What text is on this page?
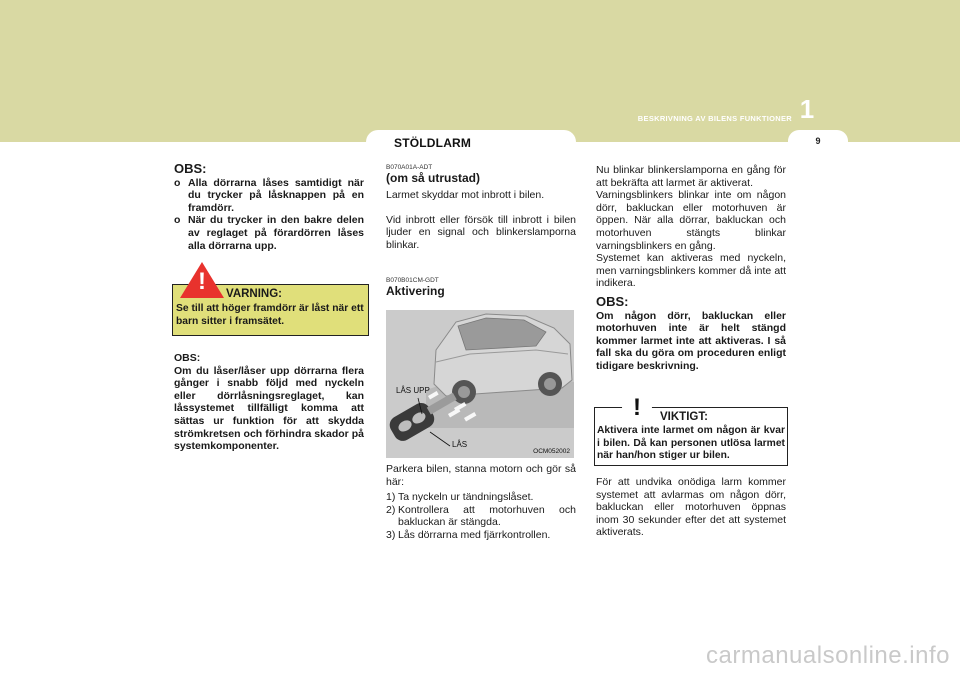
BESKRIVNING AV BILENS FUNKTIONER 1
9
STÖLDLARM
OBS:
o Alla dörrarna låses samtidigt när du trycker på låsknappen på en framdörr.
o När du trycker in den bakre delen av reglaget på förardörren låses alla dörrarna upp.
!	VARNING:
Se till att höger framdörr är låst när ett barn sitter i framsätet.
OBS:
Om du låser/låser upp dörrarna flera gånger i snabb följd med nyckeln eller dörrlåsningsreglaget, kan låssystemet tillfälligt komma att sättas ur funktion för att skydda strömkretsen och förhindra skador på systemkomponenter.

B070A01A-ADT

(om så utrustad)

Larmet skyddar mot inbrott i bilen.

Vid inbrott eller försök till inbrott i bilen ljuder en signal och blinkerslamporna blinkar.

B070B01CM-GDT

Aktivering

LÅS UPP
LÅS
OCM052002

Parkera bilen, stanna motorn och gör så här:

1) Ta nyckeln ur tändningslåset.
2) Kontrollera att motorhuven och bakluckan är stängda.
3) Lås dörrarna med fjärrkontrollen.

Nu blinkar blinkerslamporna en gång för att bekräfta att larmet är aktiverat.

Varningsblinkers blinkar inte om någon dörr, bakluckan eller motorhuven är öppen. När alla dörrar, bakluckan och motorhuven stängts blinkar varningsblinkers en gång.

Systemet kan aktiveras med nyckeln, men varningsblinkers kommer då inte att indikera.

OBS:

Om någon dörr, bakluckan eller motorhuven inte är helt stängd kommer larmet inte att aktiveras. I så fall ska du göra om proceduren enligt tidigare beskrivning.

!	VIKTIGT:
Aktivera inte larmet om någon är kvar i bilen. Då kan personen utlösa larmet när han/hon stiger ur bilen.
För att undvika onödiga larm kommer systemet att avlarmas om någon dörr, bakluckan eller motorhuven öppnas inom 30 sekunder efter det att systemet aktiverats.
carmanualsonline.info
